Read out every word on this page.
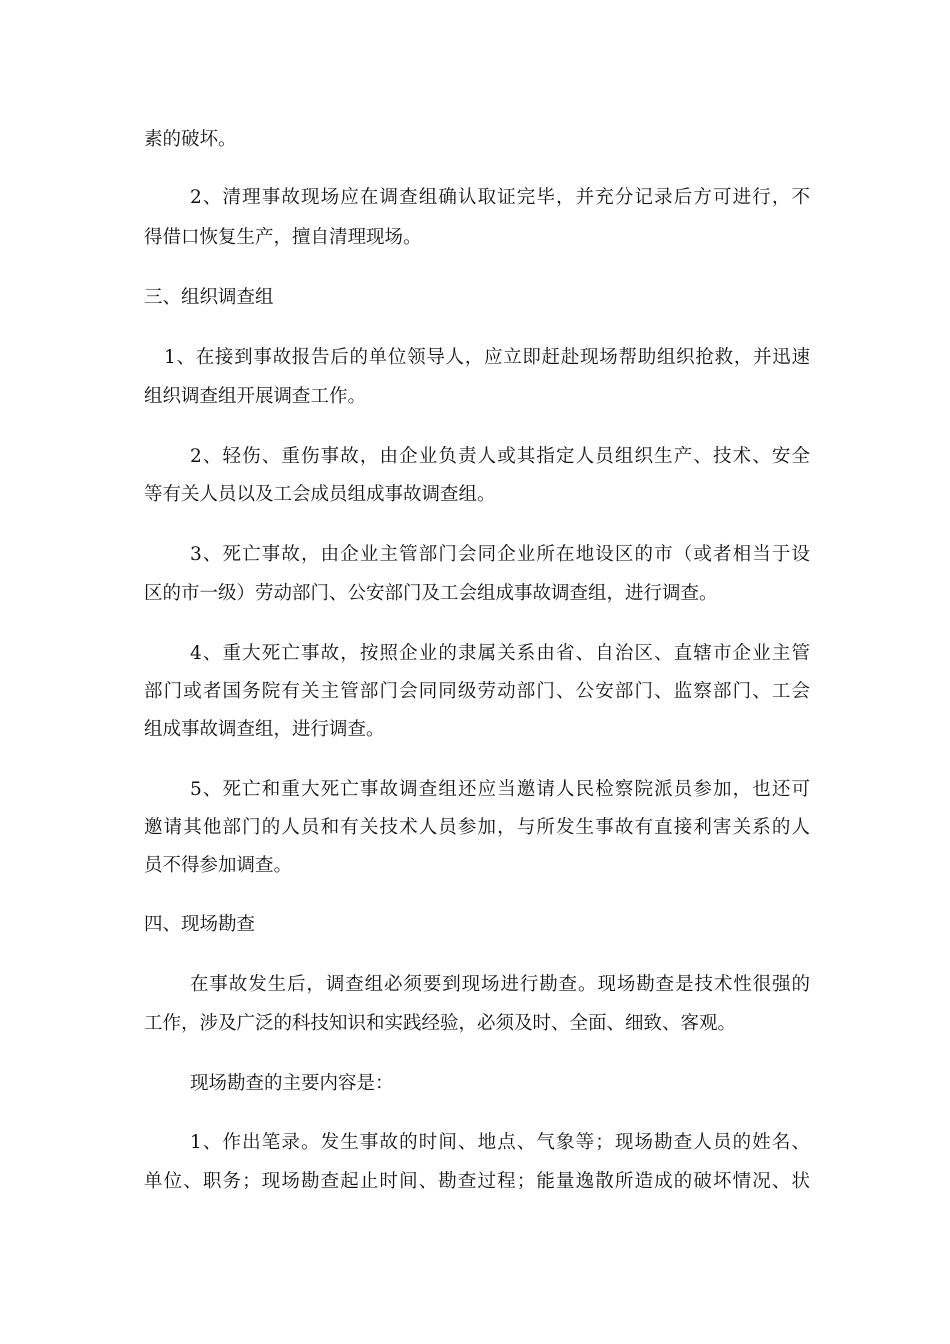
素的破坏。
2、清理事故现场应在调查组确认取证完毕，并充分记录后方可进行，不
得借口恢复生产，擅自清理现场。
三、组织调查组
1、在接到事故报告后的单位领导人，应立即赶赴现场帮助组织抢救，并迅速
组织调查组开展调查工作。
2、轻伤、重伤事故，由企业负责人或其指定人员组织生产、技术、安全
等有关人员以及工会成员组成事故调查组。
3、死亡事故，由企业主管部门会同企业所在地设区的市（或者相当于设
区的市一级）劳动部门、公安部门及工会组成事故调查组，进行调查。
4、重大死亡事故，按照企业的隶属关系由省、自治区、直辖市企业主管
部门或者国务院有关主管部门会同同级劳动部门、公安部门、监察部门、工会
组成事故调查组，进行调查。
5、死亡和重大死亡事故调查组还应当邀请人民检察院派员参加，也还可
邀请其他部门的人员和有关技术人员参加，与所发生事故有直接利害关系的人
员不得参加调查。
四、现场勘查
在事故发生后，调查组必须要到现场进行勘查。现场勘查是技术性很强的
工作，涉及广泛的科技知识和实践经验，必须及时、全面、细致、客观。
现场勘查的主要内容是：
1、作出笔录。发生事故的时间、地点、气象等；现场勘查人员的姓名、
单位、职务；现场勘查起止时间、勘查过程；能量逸散所造成的破坏情况、状
